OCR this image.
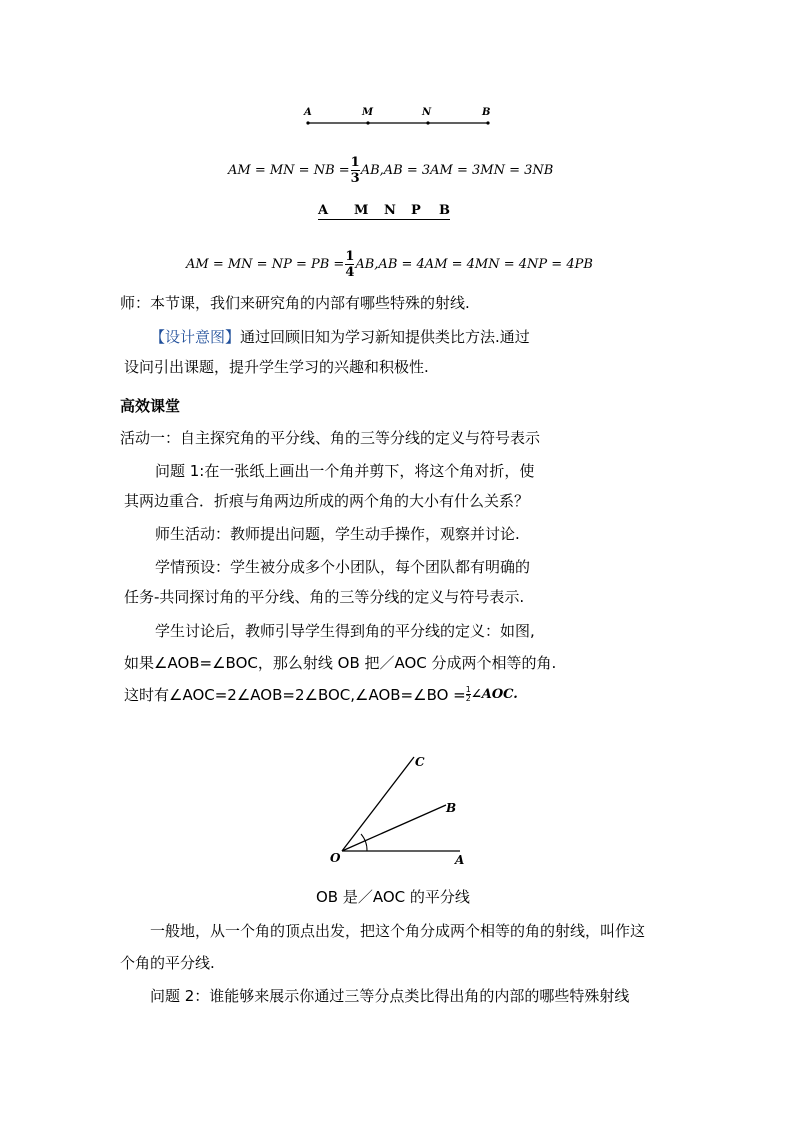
A	M	N	B
AM = MN = NB = $\frac{1}{3} AB,AB = 3AM = 3MN = 3NB$
A M N P B
AM = MN = NP = PB = $\frac{1}{4} AB,AB = 4AM = 4MN = 4NP = 4PB$
师：本节课，我们来研究角的内部有哪些特殊的射线.
【设计意图】通过回顾旧知为学习新知提供类比方法.通过
设问引出课题，提升学生学习的兴趣和积极性.
高效课堂
活动一：自主探究角的平分线、角的三等分线的定义与符号表示
问题 1:在一张纸上画出一个角并剪下，将这个角对折，使
其两边重合．折痕与角两边所成的两个角的大小有什么关系？
师生活动：教师提出问题，学生动手操作，观察并讨论.
学情预设：学生被分成多个小团队，每个团队都有明确的
任务-共同探讨角的平分线、角的三等分线的定义与符号表示.
学生讨论后，教师引导学生得到角的平分线的定义：如图,
如果∠AOB=∠BOC，那么射线 OB 把／AOC 分成两个相等的角.
这时有∠AOC=2∠AOB=2∠BOC,∠AOB=∠BO = $\frac{1}{2}$ ∠AOC.
C
B
O	A
OB 是／AOC 的平分线
一般地，从一个角的顶点出发，把这个角分成两个相等的角的射线，叫作这
个角的平分线.
问题 2：谁能够来展示你通过三等分点类比得出角的内部的哪些特殊射线
